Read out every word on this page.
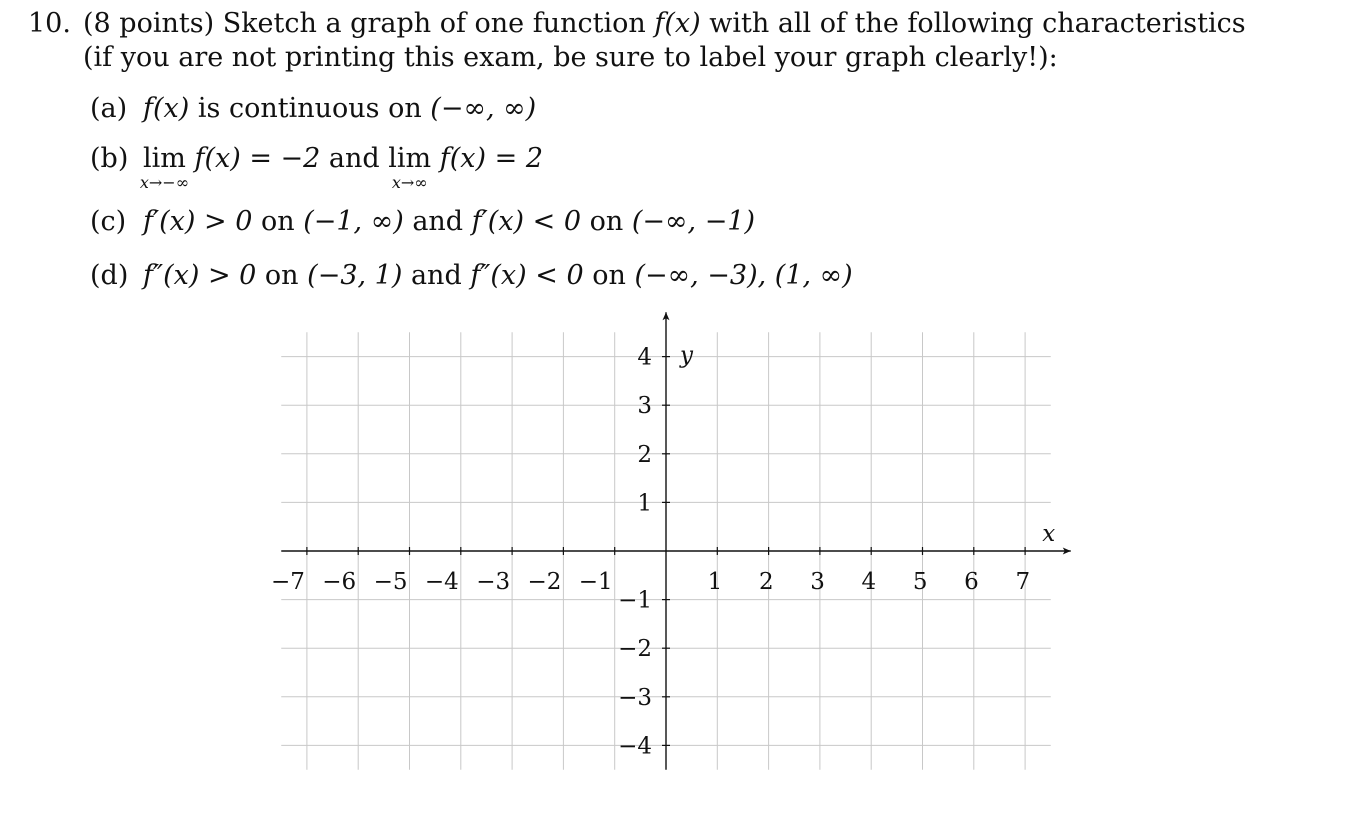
10. (8 points) Sketch a graph of one function f(x) with all of the following characteristics
(if you are not printing this exam, be sure to label your graph clearly!):
(a) f(x) is continuous on (−∞, ∞)
(b) lim
x→−∞
f(x) = −2 and lim
x→∞
f(x) = 2
(c) f′(x) > 0 on (−1, ∞) and f′(x) < 0 on (−∞, −1)
(d) f″(x) > 0 on (−3, 1) and f″(x) < 0 on (−∞, −3), (1, ∞)
−7 −6 −5 −4 −3 −2 −1	1 2 3 4 5 6 7
4
3
2
1
−1
−2
−3
−4
x
y
